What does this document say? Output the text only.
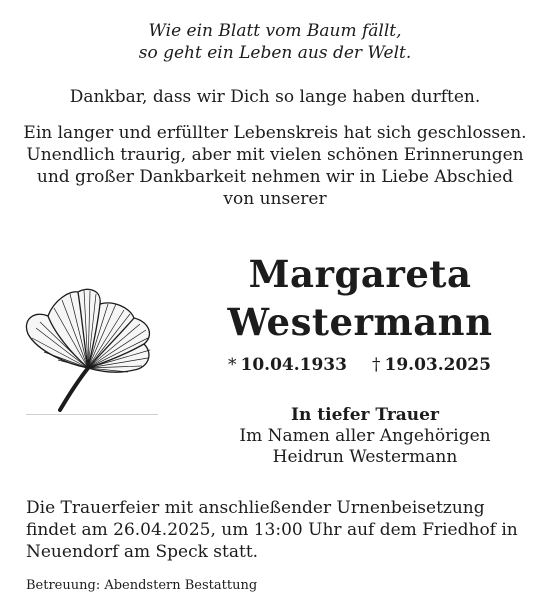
Wie ein Blatt vom Baum fällt,
so geht ein Leben aus der Welt.
Dankbar, dass wir Dich so lange haben durften.
Ein langer und erfüllter Lebenskreis hat sich geschlossen.
Unendlich traurig, aber mit vielen schönen Erinnerungen
und großer Dankbarkeit nehmen wir in Liebe Abschied
von unserer
Margareta
Westermann
* 10.04.1933 † 19.03.2025
In tiefer Trauer
Im Namen aller Angehörigen
Heidrun Westermann
Die Trauerfeier mit anschließender Urnenbeisetzung
findet am 26.04.2025, um 13:00 Uhr auf dem Friedhof in
Neuendorf am Speck statt.
Betreuung: Abendstern Bestattung
